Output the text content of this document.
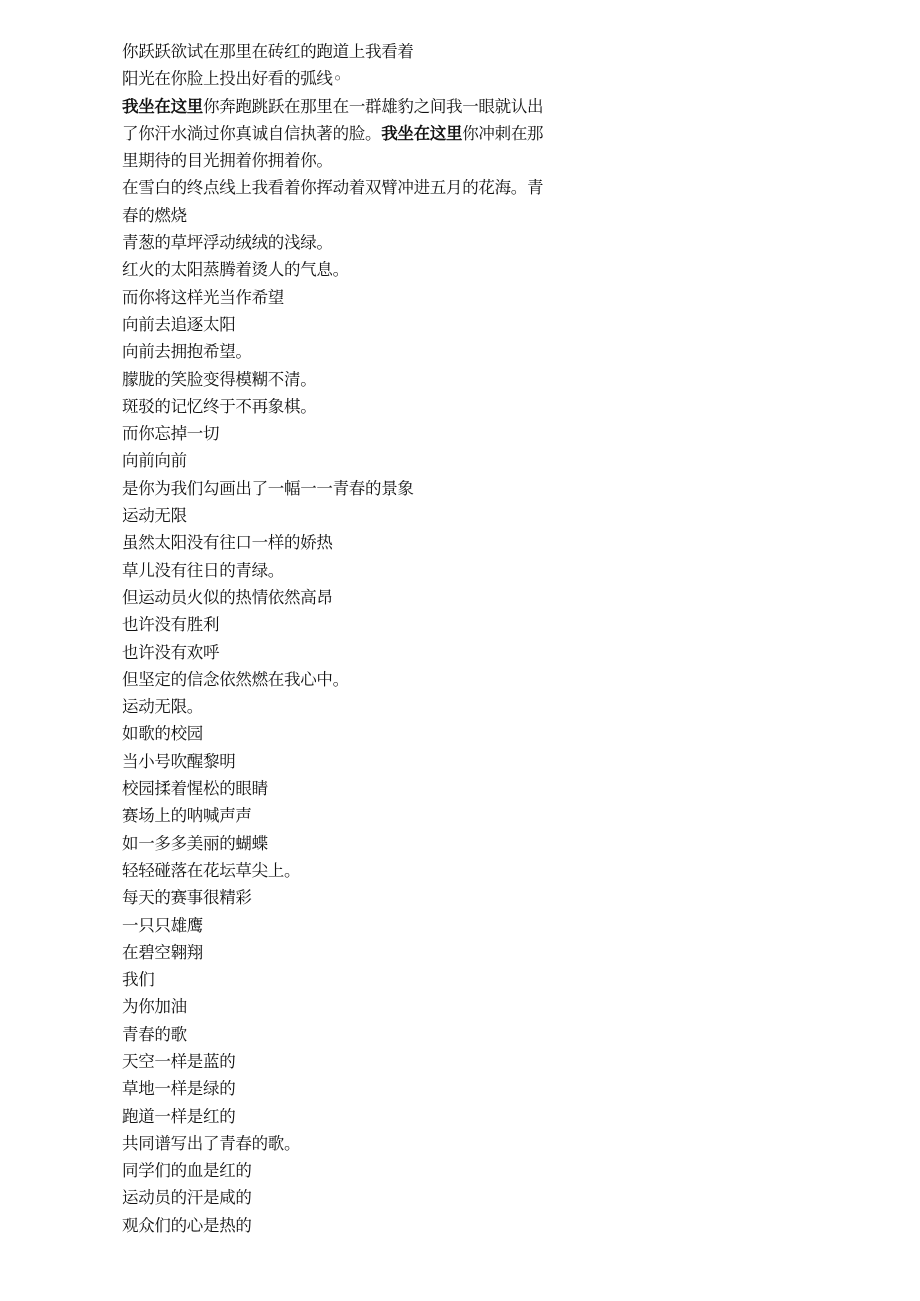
你跃跃欲试在那里在砖红的跑道上我看着
阳光在你脸上投出好看的弧线◦
我坐在这里你奔跑跳跃在那里在一群雄豹之间我一眼就认出
了你汗水淌过你真诚自信执著的脸。我坐在这里你冲刺在那
里期待的目光拥着你拥着你。
在雪白的终点线上我看着你挥动着双臂冲进五月的花海。青
春的燃烧
青葱的草坪浮动绒绒的浅绿。
红火的太阳蒸腾着烫人的气息。
而你将这样光当作希望
向前去追逐太阳
向前去拥抱希望。
朦胧的笑脸变得模糊不清。
斑驳的记忆终于不再象棋。
而你忘掉一切
向前向前
是你为我们勾画出了一幅一一青春的景象
运动无限
虽然太阳没有往口一样的娇热
草儿没有往日的青绿。
但运动员火似的热情依然高昂
也许没有胜利
也许没有欢呼
但坚定的信念依然燃在我心中。
运动无限。
如歌的校园
当小号吹醒黎明
校园揉着惺松的眼睛
赛场上的呐喊声声
如一多多美丽的蝴蝶
轻轻碰落在花坛草尖上。
每天的赛事很精彩
一只只雄鹰
在碧空翱翔
我们
为你加油
青春的歌
天空一样是蓝的
草地一样是绿的
跑道一样是红的
共同谱写出了青春的歌。
同学们的血是红的
运动员的汗是咸的
观众们的心是热的
